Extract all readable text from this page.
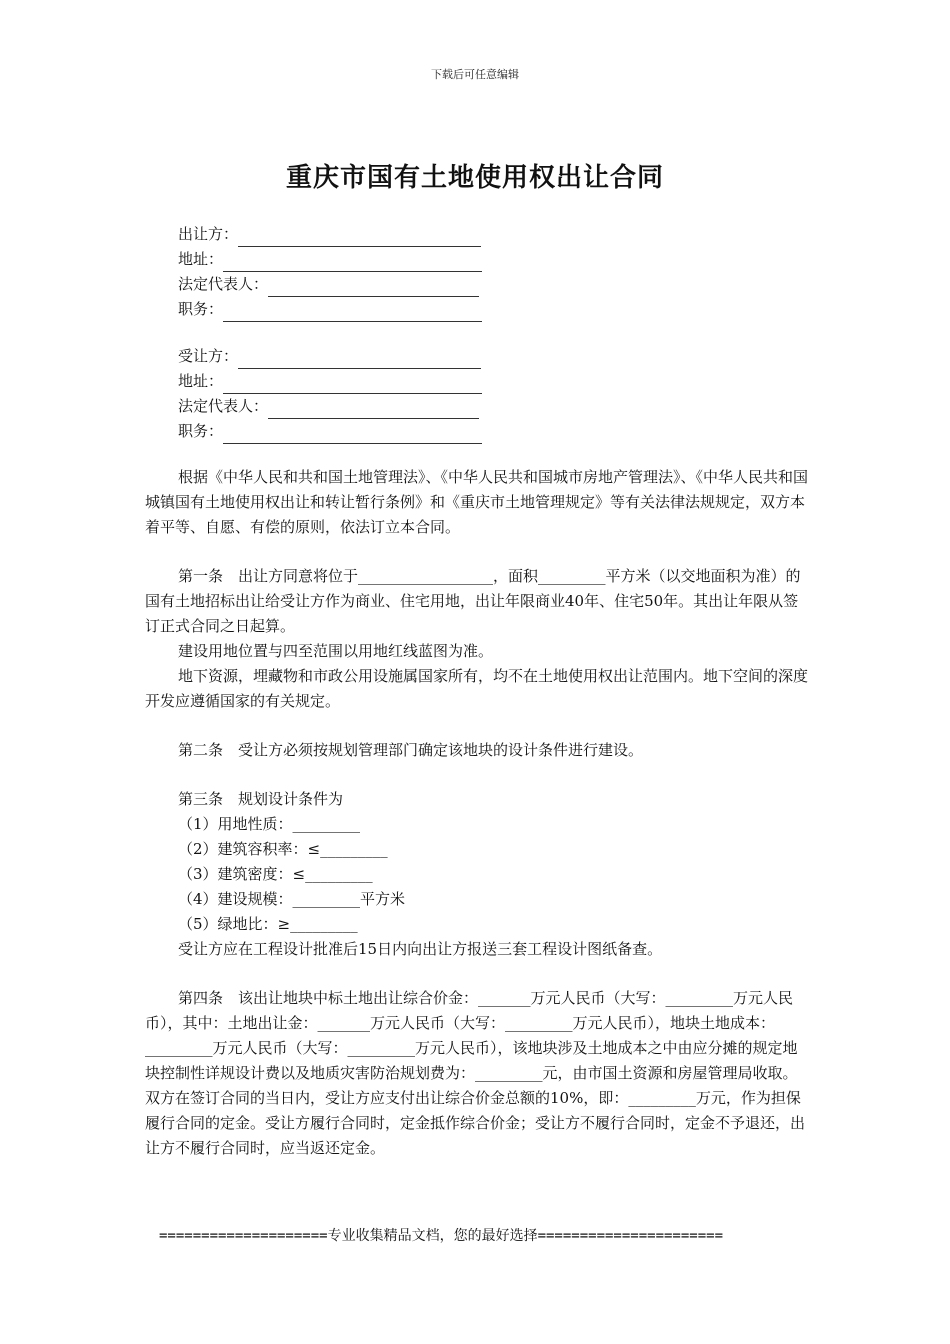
下载后可任意编辑
重庆市国有土地使用权出让合同
出让方：
地址：
法定代表人：
职务：
受让方：
地址：
法定代表人：
职务：

根据《中华人民和共和国土地管理法》、《中华人民共和国城市房地产管理法》、《中华人民共和国城镇国有土地使用权出让和转让暂行条例》和《重庆市土地管理规定》等有关法律法规规定，双方本着平等、自愿、有偿的原则，依法订立本合同。

第一条　出让方同意将位于__________________，面积_________平方米（以交地面积为准）的国有土地招标出让给受让方作为商业、住宅用地，出让年限商业40年、住宅50年。其出让年限从签订正式合同之日起算。

建设用地位置与四至范围以用地红线蓝图为准。

地下资源，埋藏物和市政公用设施属国家所有，均不在土地使用权出让范围内。地下空间的深度开发应遵循国家的有关规定。

第二条　受让方必须按规划管理部门确定该地块的设计条件进行建设。

第三条　规划设计条件为

（1）用地性质：_________

（2）建筑容积率：≤_________

（3）建筑密度：≤_________

（4）建设规模：_________平方米

（5）绿地比：≥_________

受让方应在工程设计批准后15日内向出让方报送三套工程设计图纸备查。

第四条　该出让地块中标土地出让综合价金：_______万元人民币（大写：_________万元人民币），其中：土地出让金：_______万元人民币（大写：_________万元人民币），地块土地成本：_________万元人民币（大写：_________万元人民币），该地块涉及土地成本之中由应分摊的规定地块控制性详规设计费以及地质灾害防治规划费为：_________元，由市国土资源和房屋管理局收取。双方在签订合同的当日内，受让方应支付出让综合价金总额的10%，即：_________万元，作为担保履行合同的定金。受让方履行合同时，定金抵作综合价金；受让方不履行合同时，定金不予退还，出让方不履行合同时，应当返还定金。

====================专业收集精品文档，您的最好选择======================
